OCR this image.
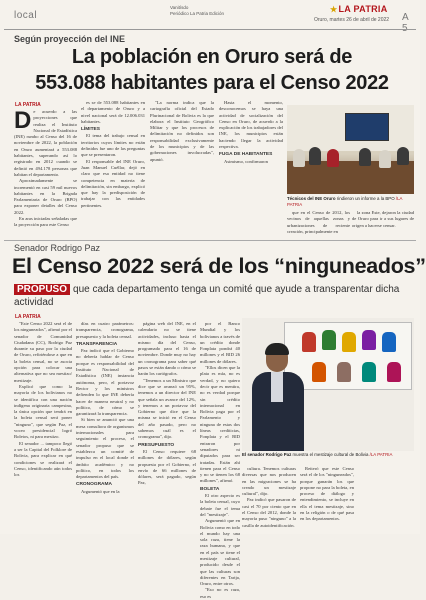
local
Vanitísdo
Periódico La Patria Edición	★LA PATRIA
Oruro, martes 26 de abril de 2022 A
Según proyección del INE
La población en Oruro será de
553.088 habitantes para el Censo 2022
LA PATRIA
D e acuerdo a las proyecciones que realiza el Instituto Nacional de Estadística (INE) rumbo al Censo del 16 de noviembre de 2022, la población en Oruro aumentará a 553.088 habitantes, superando así lo registrado en 2012 cuando se definió en 494.178 personas que habitan el departamento.

Aproximadamente se incrementó en casi 59 mil nuevos habitantes en la Brigada Parlamentaria de Oruro (BPO) para exponer detalles del Censo 2022.

En aras iniciadas señaladas que la proyección para este Censo

es se de 553.088 habitantes en el departamento de Oruro y a nivel nacional será de 12.006.031 habitantes.

LÍMITES

El tema del trabajo censal en territorios cuyos límites no están definidos fue uno de las preguntas que se presentaron.

El responsable del INE Oruro, Juan Manuel Cuéllar, dejó en claro que esa entidad no tiene competencia en materia de delimitación, sin embargo, explicó que hay la predisposición de trabajar con las entidades pertinentes.

"La norma indica que la cartografía oficial del Estado Plurinacional de Bolivia es la que elabora el Instituto Geográfico Militar y que los procesos de delimitación no definidos son responsabilidad exclusivamente de los municipios y de las gobernaciones involucradas", apuntó.

Hasta el momento, desconocemos se haya una actividad de socialización del Censo en Oruro, de acuerdo a la explicación de los trabajadores del INE, los municipios están haciendo llegar la actividad respectiva.

FUGA DE HABITANTES

Asimismo, confirmaron

Técnicos del INE Oruro rindieron un informe a la BPO /LA PATRIA

que en el Censo de 2012, los vecinos de aquellas zonas y urbanizaciones de reciente creación, principalmente en

la zona Este, dejaron la ciudad de Oruro para ir a sus lugares de origen a hacerse censar.

Senador Rodrigo Paz
El Censo 2022 será de los “ninguneados”
PROPUSO que cada departamento tenga un comité que ayude a transparentar dicha actividad
LA PATRIA

"Este Censo 2022 será el de los ninguneados", afirmó por el senador de Comunidad Ciudadana (CC), Rodrigo Paz durante su paso por la ciudad de Oruro, refiriéndose a que en la boleta censal, no se asocia opción para colocar una alternativa que no sea mestizo/ mestizaje.

Explicó que como la mayoría de los bolivianos no se identifica con una nación indígena originaria campesina, la única opción que tendrá en la boleta censal será poner "ninguno", que según Paz, el voceo presidencial logró Boletos, ni para mestizo.

El senador ... tampoco llegó a ser la Capital del Folklore de Bolivia, para explicar en qué condiciones se realizará el Censo, identificando aún todos los

días en cuatro parámetros: transparencia, cronograma, presupuesto y la boleta censal.

TRANSPARENCIA

Paz indicó que el Gobierno no debería hablar de Censo porque es responsabilidad del Instituto Nacional de Estadística (INE) instancia autónoma, pero, el portavoz Rector y los ministros defienden lo que INE debería hacer de manera neutral y no político, de cómo se garantizará la transparencia.

Si bien se anunció que una mesa consultora de organismos internacionales para seguimiento el proceso, el senador propuso que se establezca un comité de impulso en el local donde el ámbito académico y no político, en todos los departamentos del país.

CRONOGRAMA

Argumentó que en la

página web del INE, en el calendario no se tiene actividades, incluso hasta el mismo día del Censo, programado para el 16 de noviembre. Donde muy no hay un cronograma para saber qué pasos se están dando o cómo se harán los cartógrafos.

"Tenemos a un Ministro que dice que se avanzó un 95%, tenemos a un director del INE que señala un avance del 12%, y tenemos a un portavoz del Gobierno que dice que la misma se inició en el Censo del año pasado, pero no sabemos cuál es el cronograma", dijo.

PRESUPUESTO

El Censo requiere 68 millones de dólares, según propuesta por el Gobierno, el envío de 66 millones de dólares, será pagado, según Paz,

por el Banco Mundial y los bolivianos a través de un crédito donde Fonplata pondrá 40 millones y el BID 26 millones de dólares.

"Ellos dicen que la plata es mía, no es verdad, y no quiero decir que es mentira, no es verdad porque sin crédito internacional en Bolivia paga por el Parlamento y ninguna de estas dos líneas crediticias, Fonplata y el BID entraron por senadores ni diputados para ser tratadas. Están ahí tienen para el Censo y no se tienen los 68 millones", afirmó.

BOLETA

El otro aspecto es la boleta censal, cuyo debate fue el tema del "mestizaje".

Argumentó que en Bolivia como en todo el mundo hay una sola raza, tiene la raza humana, y que en el país se tiene el mestizaje cultural, producido desde el que las culturas son diferentes en Tarija, Oruro, entre otros.

"Eso no es raza, eso es

El senador Rodrigo Paz muestra el mestizaje cultural de Bolivia /LA PATRIA

cultura. Tenemos culturas diversas que nos producen en las migraciones se ha creado un mestizaje cultural", dijo.

Paz indicó que pasaron de casi el 70 por ciento que en el Censo del 2012, donde la mayoría puso "ninguno" a la casilla de autoidentificación.

Reiteró que este Censo será el de los "ninguneados", porque ganarán los que propone no para la boleta, en proceso de diálogo y entendimiento, se incluye en ella el tema mestizaje, sino en la religión o de qué pasa en los departamentos.
